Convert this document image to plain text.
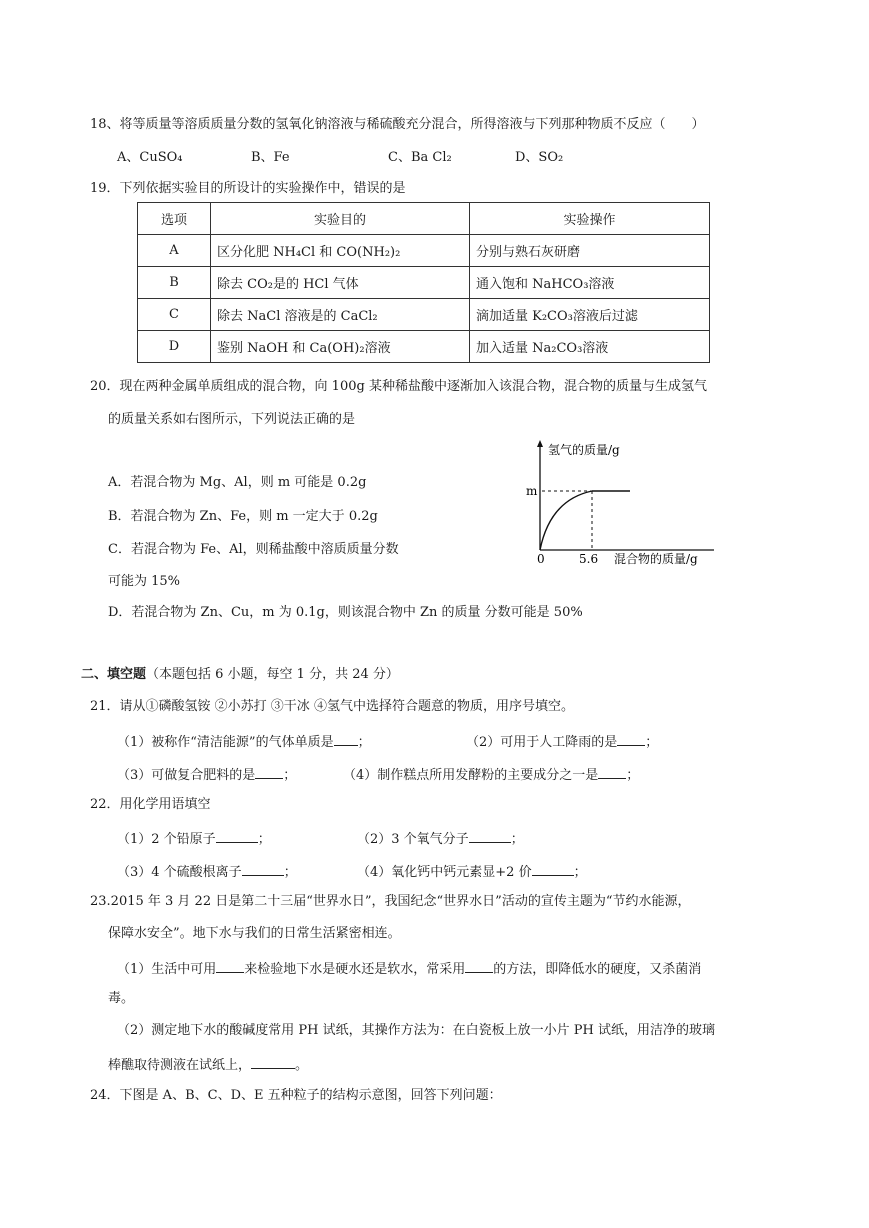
18、将等质量等溶质质量分数的氢氧化钠溶液与稀硫酸充分混合，所得溶液与下列那种物质不反应（　　）
A、CuSO₄	B、Fe	C、Ba Cl₂	D、SO₂
19．下列依据实验目的所设计的实验操作中，错误的是
选项	实验目的	实验操作
A	区分化肥 NH₄Cl 和 CO(NH₂)₂	分别与熟石灰研磨
B	除去 CO₂是的 HCl 气体	通入饱和 NaHCO₃溶液
C	除去 NaCl 溶液是的 CaCl₂	滴加适量 K₂CO₃溶液后过滤
D	鉴别 NaOH 和 Ca(OH)₂溶液	加入适量 Na₂CO₃溶液
20．现在两种金属单质组成的混合物，向 100g 某种稀盐酸中逐渐加入该混合物，混合物的质量与生成氢气
的质量关系如右图所示，下列说法正确的是
A．若混合物为 Mg、Al，则 m 可能是 0.2g
B．若混合物为 Zn、Fe，则 m 一定大于 0.2g
C．若混合物为 Fe、Al，则稀盐酸中溶质质量分数
可能为 15%
D．若混合物为 Zn、Cu，m 为 0.1g，则该混合物中 Zn 的质量 分数可能是 50%
氢气的质量/g
m
0	5.6 混合物的质量/g
二、填空题（本题包括 6 小题，每空 1 分，共 24 分）
21．请从①磷酸氢铵 ②小苏打 ③干冰 ④氢气中选择符合题意的物质，用序号填空。
（1）被称作“清洁能源”的气体单质是 ；	（2）可用于人工降雨的是 ；
（3）可做复合肥料的是 ；	（4）制作糕点所用发酵粉的主要成分之一是 ；
22．用化学用语填空
（1）2 个铅原子	；	（2）3 个氧气分子	；
（3）4 个硫酸根离子	；	（4）氧化钙中钙元素显+2 价	；
23.2015 年 3 月 22 日是第二十三届“世界水日”，我国纪念“世界水日”活动的宣传主题为“节约水能源，
保障水安全”。地下水与我们的日常生活紧密相连。
（1）生活中可用 来检验地下水是硬水还是软水，常采用 的方法，即降低水的硬度，又杀菌消
毒。
（2）测定地下水的酸碱度常用 PH 试纸，其操作方法为：在白瓷板上放一小片 PH 试纸，用洁净的玻璃
棒醮取待测液在试纸上，	。
24．下图是 A、B、C、D、E 五种粒子的结构示意图，回答下列问题：
